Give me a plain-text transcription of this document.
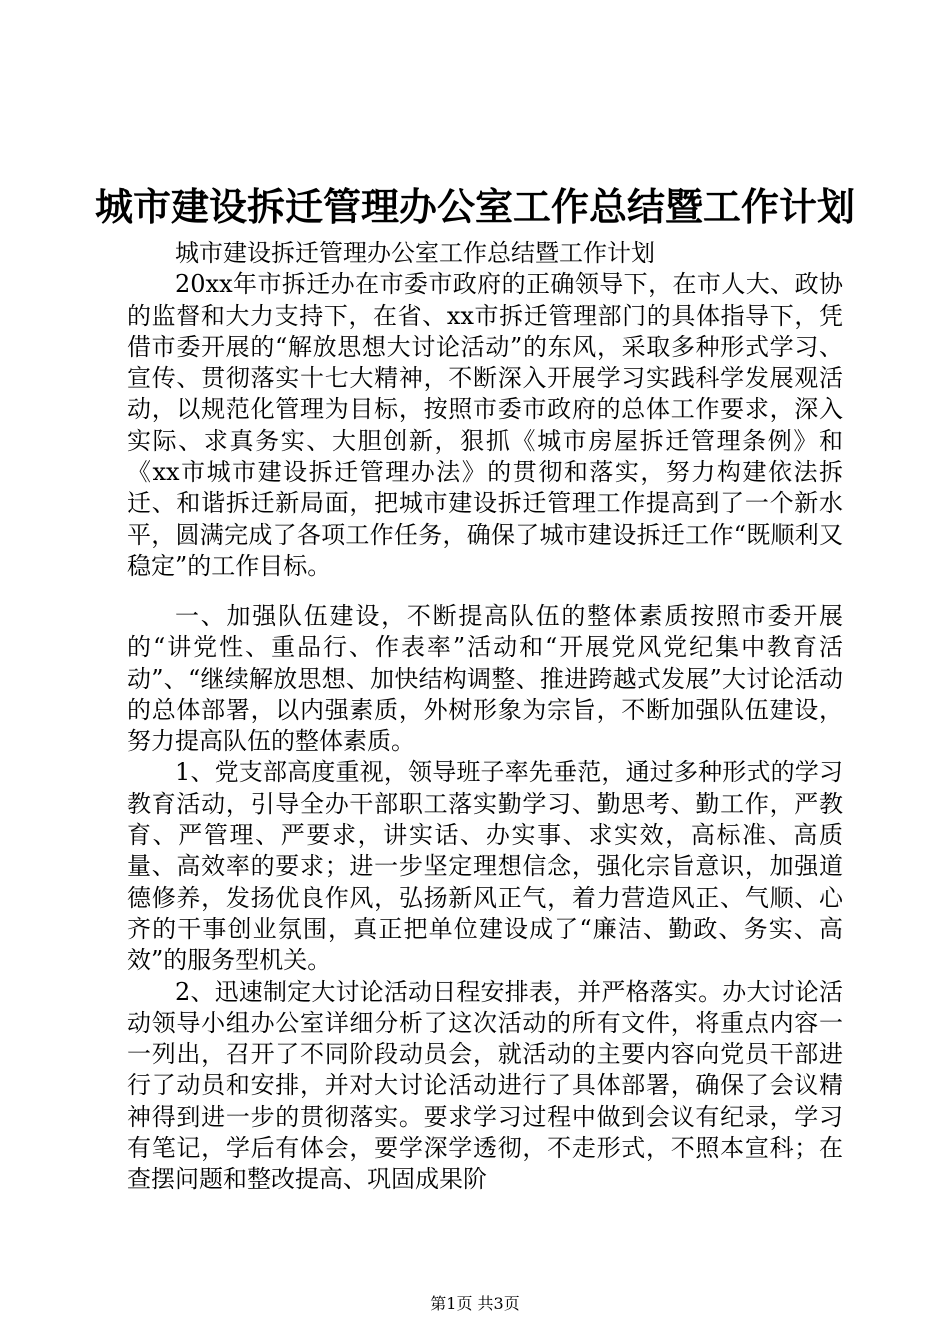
城市建设拆迁管理办公室工作总结暨工作计划

城市建设拆迁管理办公室工作总结暨工作计划

20xx年市拆迁办在市委市政府的正确领导下，在市人大、政协的监督和大力支持下，在省、xx市拆迁管理部门的具体指导下，凭借市委开展的“解放思想大讨论活动”的东风，采取多种形式学习、宣传、贯彻落实十七大精神，不断深入开展学习实践科学发展观活动，以规范化管理为目标，按照市委市政府的总体工作要求，深入实际、求真务实、大胆创新，狠抓《城市房屋拆迁管理条例》和《xx市城市建设拆迁管理办法》的贯彻和落实，努力构建依法拆迁、和谐拆迁新局面，把城市建设拆迁管理工作提高到了一个新水平，圆满完成了各项工作任务，确保了城市建设拆迁工作“既顺利又稳定”的工作目标。

一、加强队伍建设，不断提高队伍的整体素质按照市委开展的“讲党性、重品行、作表率”活动和“开展党风党纪集中教育活动”、“继续解放思想、加快结构调整、推进跨越式发展”大讨论活动的总体部署，以内强素质，外树形象为宗旨，不断加强队伍建设，努力提高队伍的整体素质。

1、党支部高度重视，领导班子率先垂范，通过多种形式的学习教育活动，引导全办干部职工落实勤学习、勤思考、勤工作，严教育、严管理、严要求，讲实话、办实事、求实效，高标准、高质量、高效率的要求；进一步坚定理想信念，强化宗旨意识，加强道德修养，发扬优良作风，弘扬新风正气，着力营造风正、气顺、心齐的干事创业氛围，真正把单位建设成了“廉洁、勤政、务实、高效”的服务型机关。

2、迅速制定大讨论活动日程安排表，并严格落实。办大讨论活动领导小组办公室详细分析了这次活动的所有文件，将重点内容一一列出，召开了不同阶段动员会，就活动的主要内容向党员干部进行了动员和安排，并对大讨论活动进行了具体部署，确保了会议精神得到进一步的贯彻落实。要求学习过程中做到会议有纪录，学习有笔记，学后有体会，要学深学透彻，不走形式，不照本宣科；在查摆问题和整改提高、巩固成果阶

第1页 共3页
